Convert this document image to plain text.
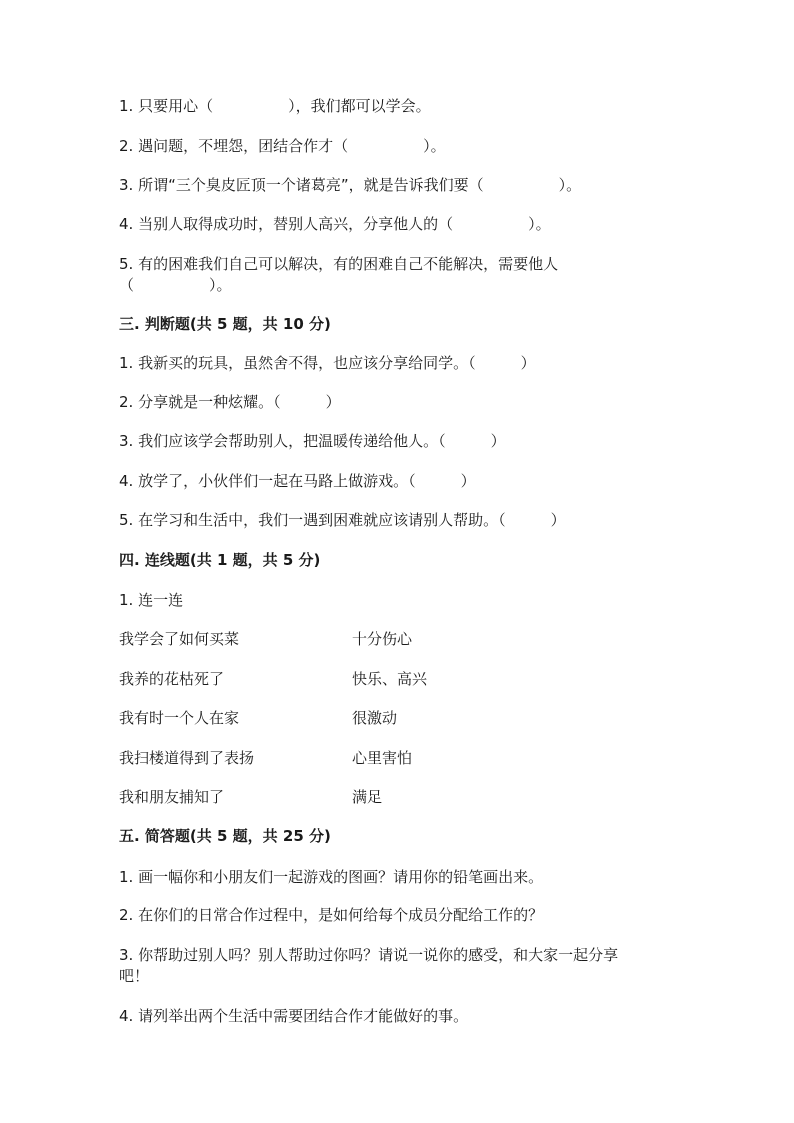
1. 只要用心（　　　　　），我们都可以学会。
2. 遇问题，不埋怨，团结合作才（　　　　　）。
3. 所谓“三个臭皮匠顶一个诸葛亮”，就是告诉我们要（　　　　　）。
4. 当别人取得成功时，替别人高兴，分享他人的（　　　　　）。
5. 有的困难我们自己可以解决，有的困难自己不能解决，需要他人
（　　　　　）。
三. 判断题(共 5 题，共 10 分)
1. 我新买的玩具，虽然舍不得，也应该分享给同学。（　　　）
2. 分享就是一种炫耀。（　　　）
3. 我们应该学会帮助别人，把温暖传递给他人。（　　　）
4. 放学了，小伙伴们一起在马路上做游戏。（　　　）
5. 在学习和生活中，我们一遇到困难就应该请别人帮助。（　　　）
四. 连线题(共 1 题，共 5 分)
1. 连一连
我学会了如何买菜	十分伤心
我养的花枯死了	快乐、高兴
我有时一个人在家	很激动
我扫楼道得到了表扬	心里害怕
我和朋友捕知了	满足
五. 简答题(共 5 题，共 25 分)
1. 画一幅你和小朋友们一起游戏的图画？请用你的铅笔画出来。
2. 在你们的日常合作过程中，是如何给每个成员分配给工作的？
3. 你帮助过别人吗？别人帮助过你吗？请说一说你的感受，和大家一起分享
吧！
4. 请列举出两个生活中需要团结合作才能做好的事。
